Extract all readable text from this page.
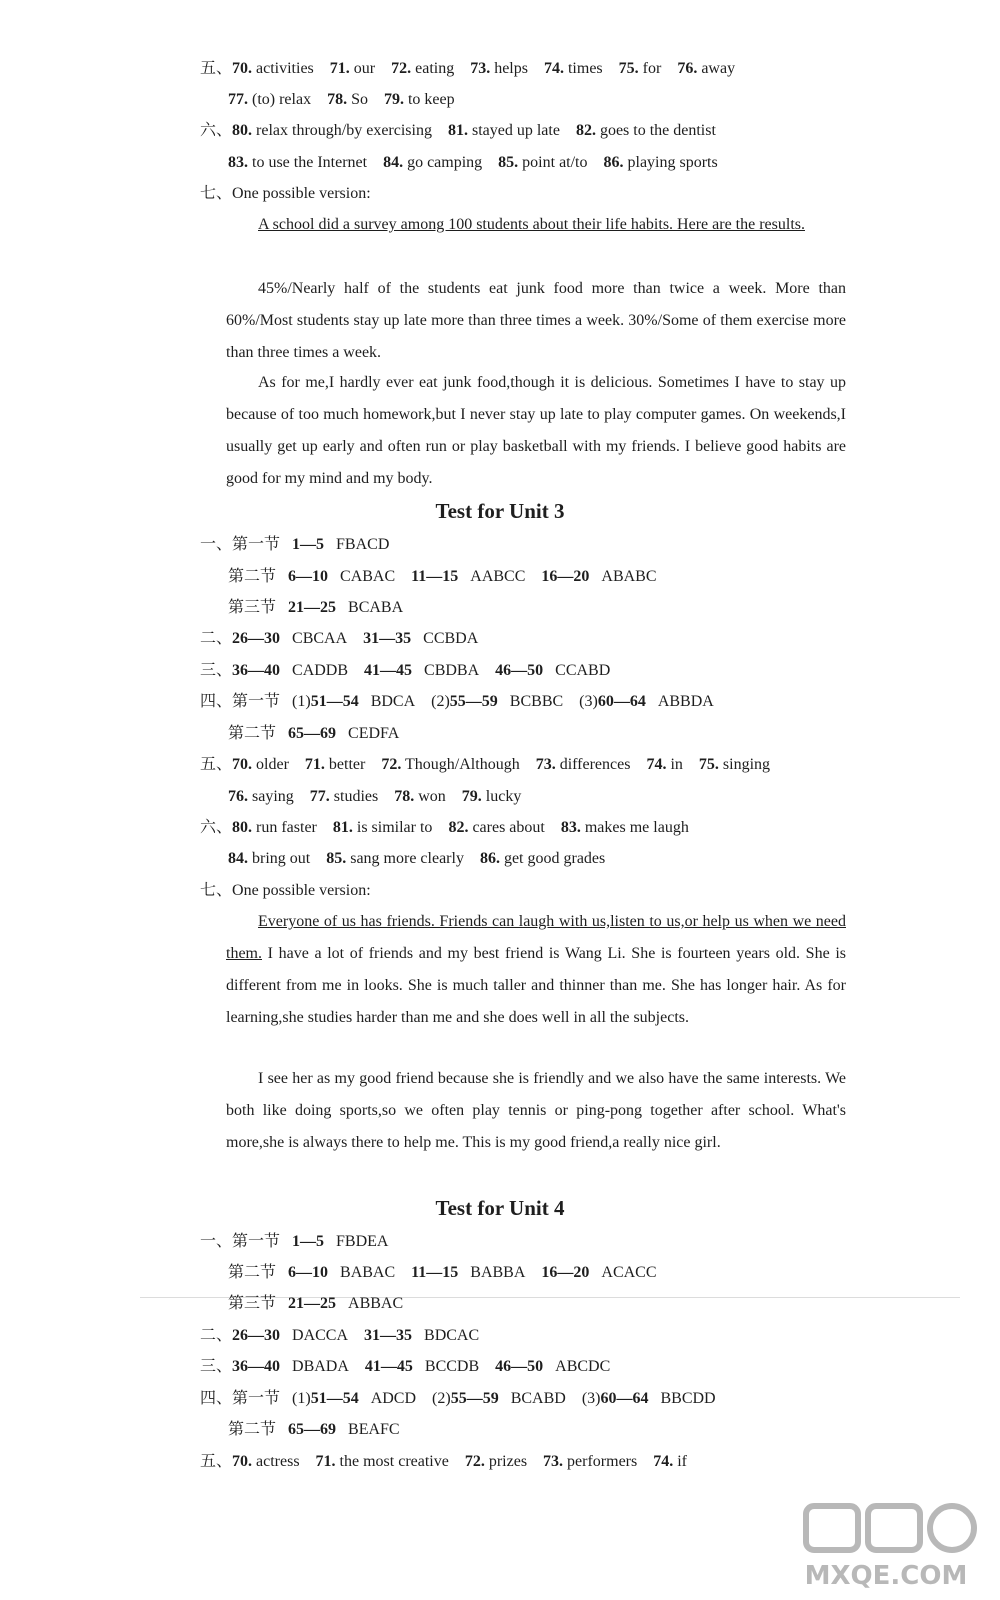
五、70. activities 71. our 72. eating 73. helps 74. times 75. for 76. away
77. (to) relax 78. So 79. to keep
六、80. relax through/by exercising 81. stayed up late 82. goes to the dentist
83. to use the Internet 84. go camping 85. point at/to 86. playing sports
七、One possible version:
A school did a survey among 100 students about their life habits. Here are the results.
45%/Nearly half of the students eat junk food more than twice a week. More than 60%/Most students stay up late more than three times a week. 30%/Some of them exercise more than three times a week.
As for me,I hardly ever eat junk food,though it is delicious. Sometimes I have to stay up because of too much homework,but I never stay up late to play computer games. On weekends,I usually get up early and often run or play basketball with my friends. I believe good habits are good for my mind and my body.
Test for Unit 3
一、第一节 1—5   FBACD
第二节 6—10   CABAC 11—15   AABCC 16—20   ABABC
第三节 21—25   BCABA
二、26—30   CBCAA 31—35   CCBDA
三、36—40   CADDB 41—45   CBDBA 46—50   CCABD
四、第一节 (1)51—54   BDCA (2)55—59   BCBBC (3)60—64   ABBDA
第二节 65—69   CEDFA
五、70. older 71. better 72. Though/Although 73. differences 74. in 75. singing
76. saying 77. studies 78. won 79. lucky
六、80. run faster 81. is similar to 82. cares about 83. makes me laugh
84. bring out 85. sang more clearly 86. get good grades
七、One possible version:
Everyone of us has friends. Friends can laugh with us,listen to us,or help us when we need them. I have a lot of friends and my best friend is Wang Li. She is fourteen years old. She is different from me in looks. She is much taller and thinner than me. She has longer hair. As for learning,she studies harder than me and she does well in all the subjects.
I see her as my good friend because she is friendly and we also have the same interests. We both like doing sports,so we often play tennis or ping-pong together after school. What's more,she is always there to help me. This is my good friend,a really nice girl.
Test for Unit 4
一、第一节 1—5   FBDEA
第二节 6—10   BABAC 11—15   BABBA 16—20   ACACC
第三节 21—25   ABBAC
二、26—30   DACCA 31—35   BDCAC
三、36—40   DBADA 41—45   BCCDB 46—50   ABCDC
四、第一节 (1)51—54   ADCD (2)55—59   BCABD (3)60—64   BBCDD
第二节 65—69   BEAFC
五、70. actress 71. the most creative 72. prizes 73. performers 74. if
MXQE.COM
